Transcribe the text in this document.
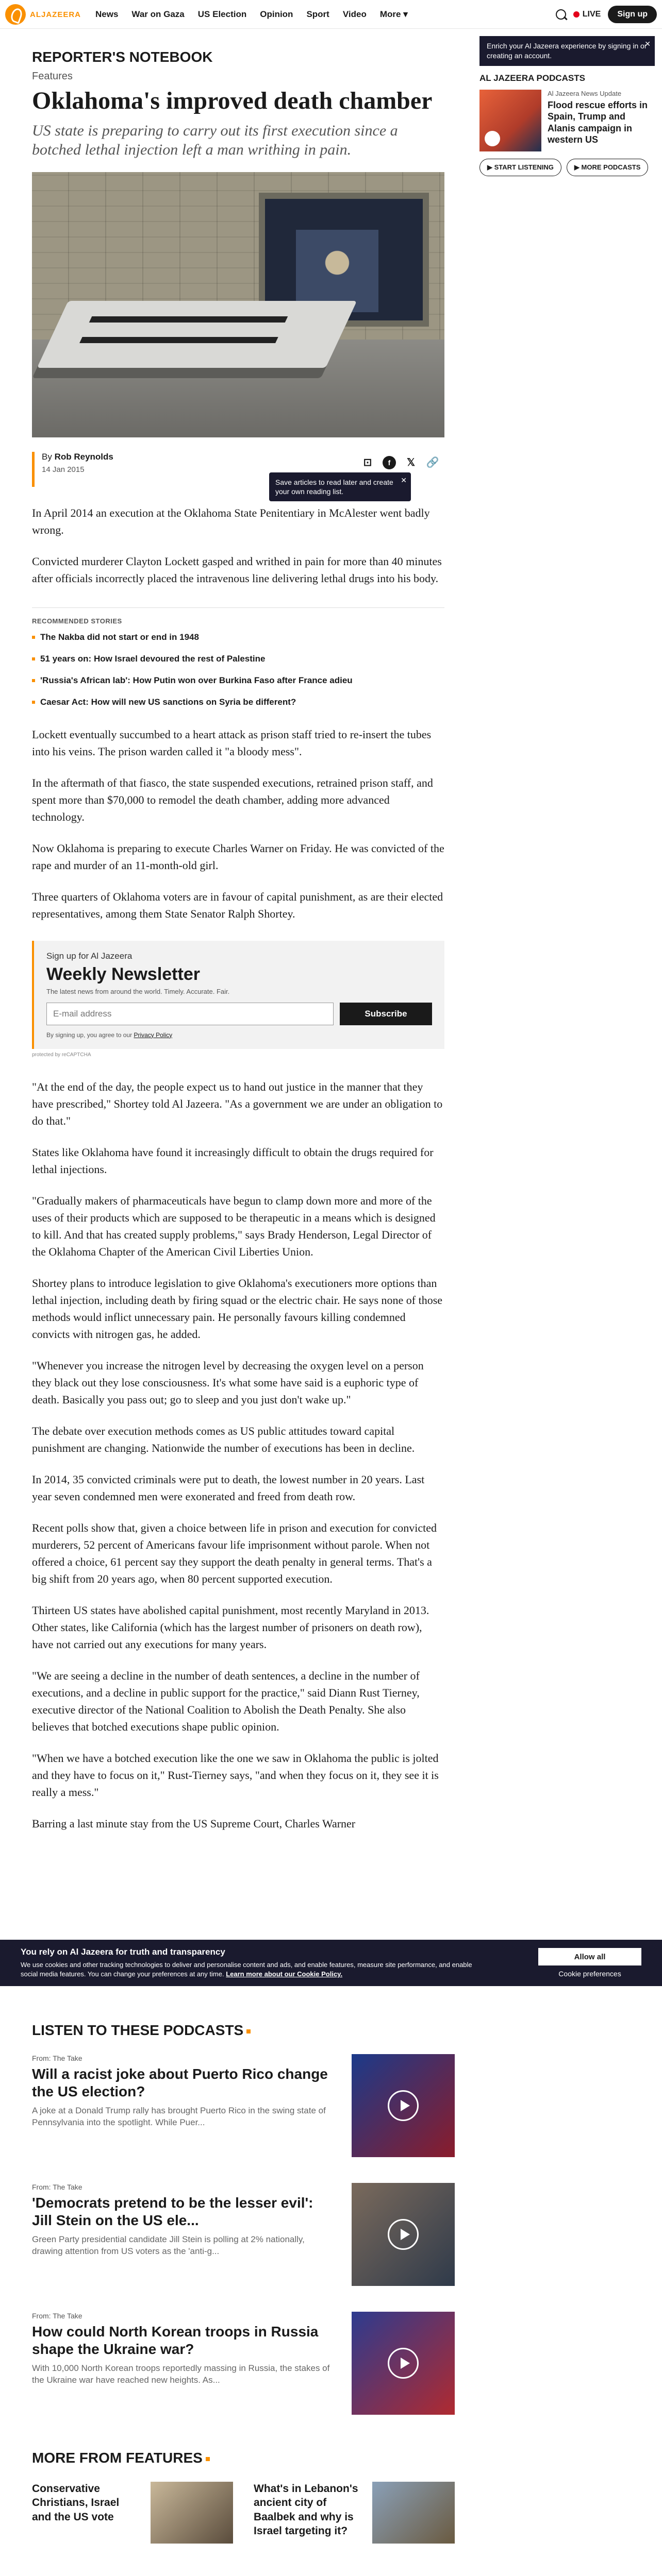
ALJAZEERA News War on Gaza US Election Opinion Sport Video More ▾	LIVE	Sign up
REPORTER'S NOTEBOOK
Features
Oklahoma's improved death chamber

US state is preparing to carry out its first execution since a botched lethal injection left a man writhing in pain.

By Rob Reynolds
14 Jan 2015
⊡	f	𝕏 🔗
Save articles to read later and create your own reading list.
✕

In April 2014 an execution at the Oklahoma State Penitentiary in McAlester went badly wrong.

Convicted murderer Clayton Lockett gasped and writhed in pain for more than 40 minutes after officials incorrectly placed the intravenous line delivering lethal drugs into his body.

RECOMMENDED STORIES
The Nakba did not start or end in 1948
51 years on: How Israel devoured the rest of Palestine
'Russia's African lab': How Putin won over Burkina Faso after France adieu
Caesar Act: How will new US sanctions on Syria be different?

Lockett eventually succumbed to a heart attack as prison staff tried to re-insert the tubes into his veins. The prison warden called it "a bloody mess".

In the aftermath of that fiasco, the state suspended executions, retrained prison staff, and spent more than $70,000 to remodel the death chamber, adding more advanced technology.

Now Oklahoma is preparing to execute Charles Warner on Friday. He was convicted of the rape and murder of an 11-month-old girl.

Three quarters of Oklahoma voters are in favour of capital punishment, as are their elected representatives, among them State Senator Ralph Shortey.

Sign up for Al Jazeera
Weekly Newsletter
The latest news from around the world. Timely. Accurate. Fair.
E-mail address
Subscribe
By signing up, you agree to our Privacy Policy
protected by reCAPTCHA

"At the end of the day, the people expect us to hand out justice in the manner that they have prescribed," Shortey told Al Jazeera. "As a government we are under an obligation to do that."

States like Oklahoma have found it increasingly difficult to obtain the drugs required for lethal injections.

"Gradually makers of pharmaceuticals have begun to clamp down more and more of the uses of their products which are supposed to be therapeutic in a means which is designed to kill. And that has created supply problems," says Brady Henderson, Legal Director of the Oklahoma Chapter of the American Civil Liberties Union.

Shortey plans to introduce legislation to give Oklahoma's executioners more options than lethal injection, including death by firing squad or the electric chair. He says none of those methods would inflict unnecessary pain. He personally favours killing condemned convicts with nitrogen gas, he added.

"Whenever you increase the nitrogen level by decreasing the oxygen level on a person they black out they lose consciousness. It's what some have said is a euphoric type of death. Basically you pass out; go to sleep and you just don't wake up."

The debate over execution methods comes as US public attitudes toward capital punishment are changing. Nationwide the number of executions has been in decline.

In 2014, 35 convicted criminals were put to death, the lowest number in 20 years. Last year seven condemned men were exonerated and freed from death row.

Recent polls show that, given a choice between life in prison and execution for convicted murderers, 52 percent of Americans favour life imprisonment without parole. When not offered a choice, 61 percent say they support the death penalty in general terms. That's a big shift from 20 years ago, when 80 percent supported execution.

Thirteen US states have abolished capital punishment, most recently Maryland in 2013. Other states, like California (which has the largest number of prisoners on death row), have not carried out any executions for many years.

"We are seeing a decline in the number of death sentences, a decline in the number of executions, and a decline in public support for the practice," said Diann Rust Tierney, executive director of the National Coalition to Abolish the Death Penalty. She also believes that botched executions shape public opinion.

"When we have a botched execution like the one we saw in Oklahoma the public is jolted and they have to focus on it," Rust-Tierney says, "and when they focus on it, they see it is really a mess."

Barring a last minute stay from the US Supreme Court, Charles Warner

Enrich your Al Jazeera experience by signing in or creating an account.
✕
AL JAZEERA PODCASTS
Al Jazeera News Update
Flood rescue efforts in Spain, Trump and Alanis campaign in western US
▶ START LISTENING	▶ MORE PODCASTS
You rely on Al Jazeera for truth and transparency
We use cookies and other tracking technologies to deliver and personalise content and ads, and enable features, measure site performance, and enable social media features. You can change your preferences at any time. Learn more about our Cookie Policy.
Allow all
Cookie preferences
LISTEN TO THESE PODCASTS
From: The Take
Will a racist joke about Puerto Rico change the US election?
A joke at a Donald Trump rally has brought Puerto Rico in the swing state of Pennsylvania into the spotlight. While Puer...
From: The Take
'Democrats pretend to be the lesser evil': Jill Stein on the US ele...
Green Party presidential candidate Jill Stein is polling at 2% nationally, drawing attention from US voters as the 'anti-g...
From: The Take
How could North Korean troops in Russia shape the Ukraine war?
With 10,000 North Korean troops reportedly massing in Russia, the stakes of the Ukraine war have reached new heights. As...
MORE FROM FEATURES
Conservative Christians, Israel and the US vote
What's in Lebanon's ancient city of Baalbek and why is Israel targeting it?
